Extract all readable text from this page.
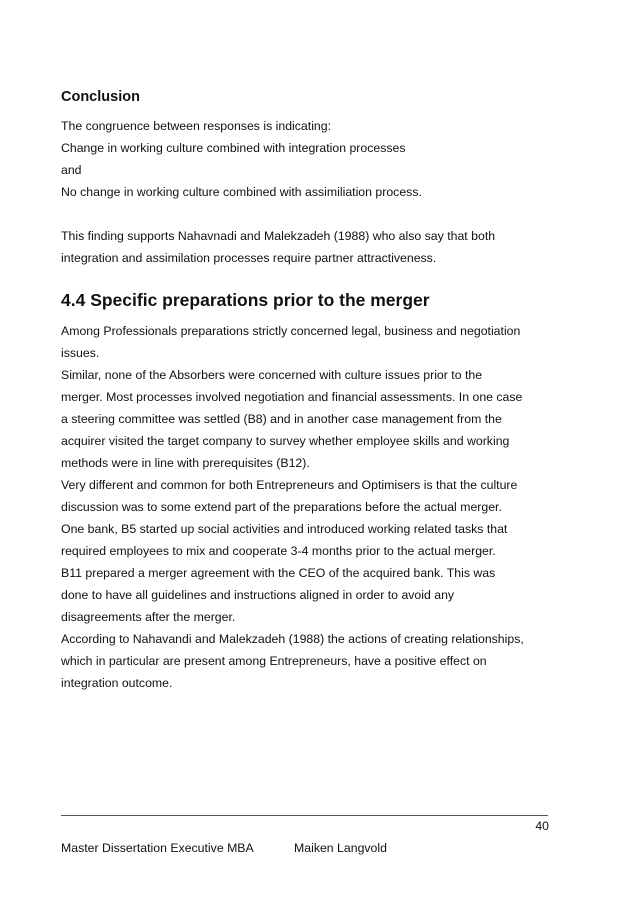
Conclusion
The congruence between responses is indicating:
Change in working culture combined with integration processes
and
No change in working culture combined with assimiliation process.
This finding supports Nahavnadi and Malekzadeh (1988) who also say that both
integration and assimilation processes require partner attractiveness.
4.4 Specific preparations prior to the merger
Among Professionals preparations strictly concerned legal, business and negotiation
issues.
Similar, none of the Absorbers were concerned with culture issues prior to the
merger. Most processes involved negotiation and financial assessments. In one case
a steering committee was settled (B8) and in another case management from the
acquirer visited the target company to survey whether employee skills and working
methods were in line with prerequisites (B12).
Very different and common for both Entrepreneurs and Optimisers is that the culture
discussion was to some extend part of the preparations before the actual merger.
One bank, B5 started up social activities and introduced working related tasks that
required employees to mix and cooperate 3-4 months prior to the actual merger.
B11 prepared a merger agreement with the CEO of the acquired bank. This was
done to have all guidelines and instructions aligned in order to avoid any
disagreements after the merger.
According to Nahavandi and Malekzadeh (1988) the actions of creating relationships,
which in particular are present among Entrepreneurs, have a positive effect on
integration outcome.
40
Master Dissertation Executive MBA	Maiken Langvold
